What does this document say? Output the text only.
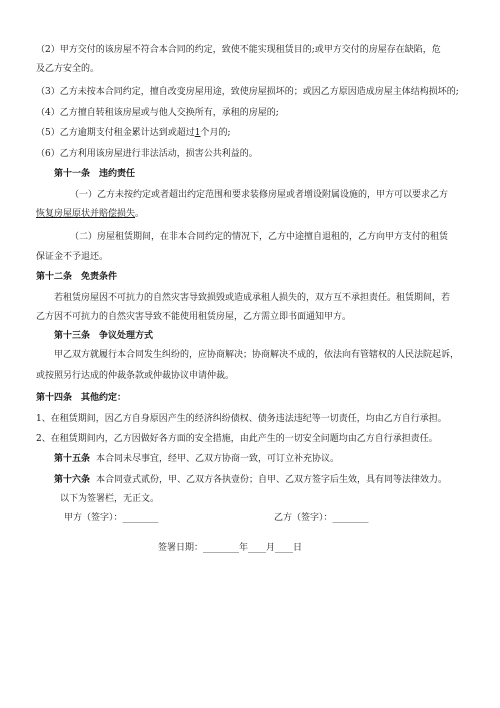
（2）甲方交付的该房屋不符合本合同的约定，致使不能实现租赁目的;或甲方交付的房屋存在缺陷，危
及乙方安全的。
（3）乙方未按本合同约定，擅自改变房屋用途，致使房屋损坏的；或因乙方原因造成房屋主体结构损坏的;
（4）乙方擅自转租该房屋或与他人交换所有，承租的房屋的;
（5）乙方逾期支付租金累计达到或超过1个月的;
（6）乙方利用该房屋进行非法活动，损害公共利益的。
第十一条　违约责任
（一）乙方未按约定或者超出约定范围和要求装修房屋或者增设附属设施的，甲方可以要求乙方
恢复房屋原状并赔偿损失。
（二）房屋租赁期间，在非本合同约定的情况下，乙方中途擅自退租的，乙方向甲方支付的租赁
保证金不予退还。
第十二条　免责条件
若租赁房屋因不可抗力的自然灾害导致损毁或造成承租人损失的，双方互不承担责任。租赁期间，若
乙方因不可抗力的自然灾害导致不能使用租赁房屋，乙方需立即书面通知甲方。
第十三条　争议处理方式
甲乙双方就履行本合同发生纠纷的，应协商解决；协商解决不成的，依法向有管辖权的人民法院起诉，
或按照另行达成的仲裁条款或仲裁协议申请仲裁。
第十四条　其他约定：
1、在租赁期间，因乙方自身原因产生的经济纠纷债权、债务违法违纪等一切责任，均由乙方自行承担。
2、在租赁期间内，乙方因做好各方面的安全措施，由此产生的一切安全问题均由乙方自行承担责任。
第十五条 本合同未尽事宜，经甲、乙双方协商一致，可订立补充协议。
第十六条 本合同壹式贰份，甲、乙双方各执壹份；自甲、乙双方签字后生效，具有同等法律效力。
以下为签署栏，无正文。
甲方（签字）：________	乙方（签字）：________
签署日期：________年____月____日
